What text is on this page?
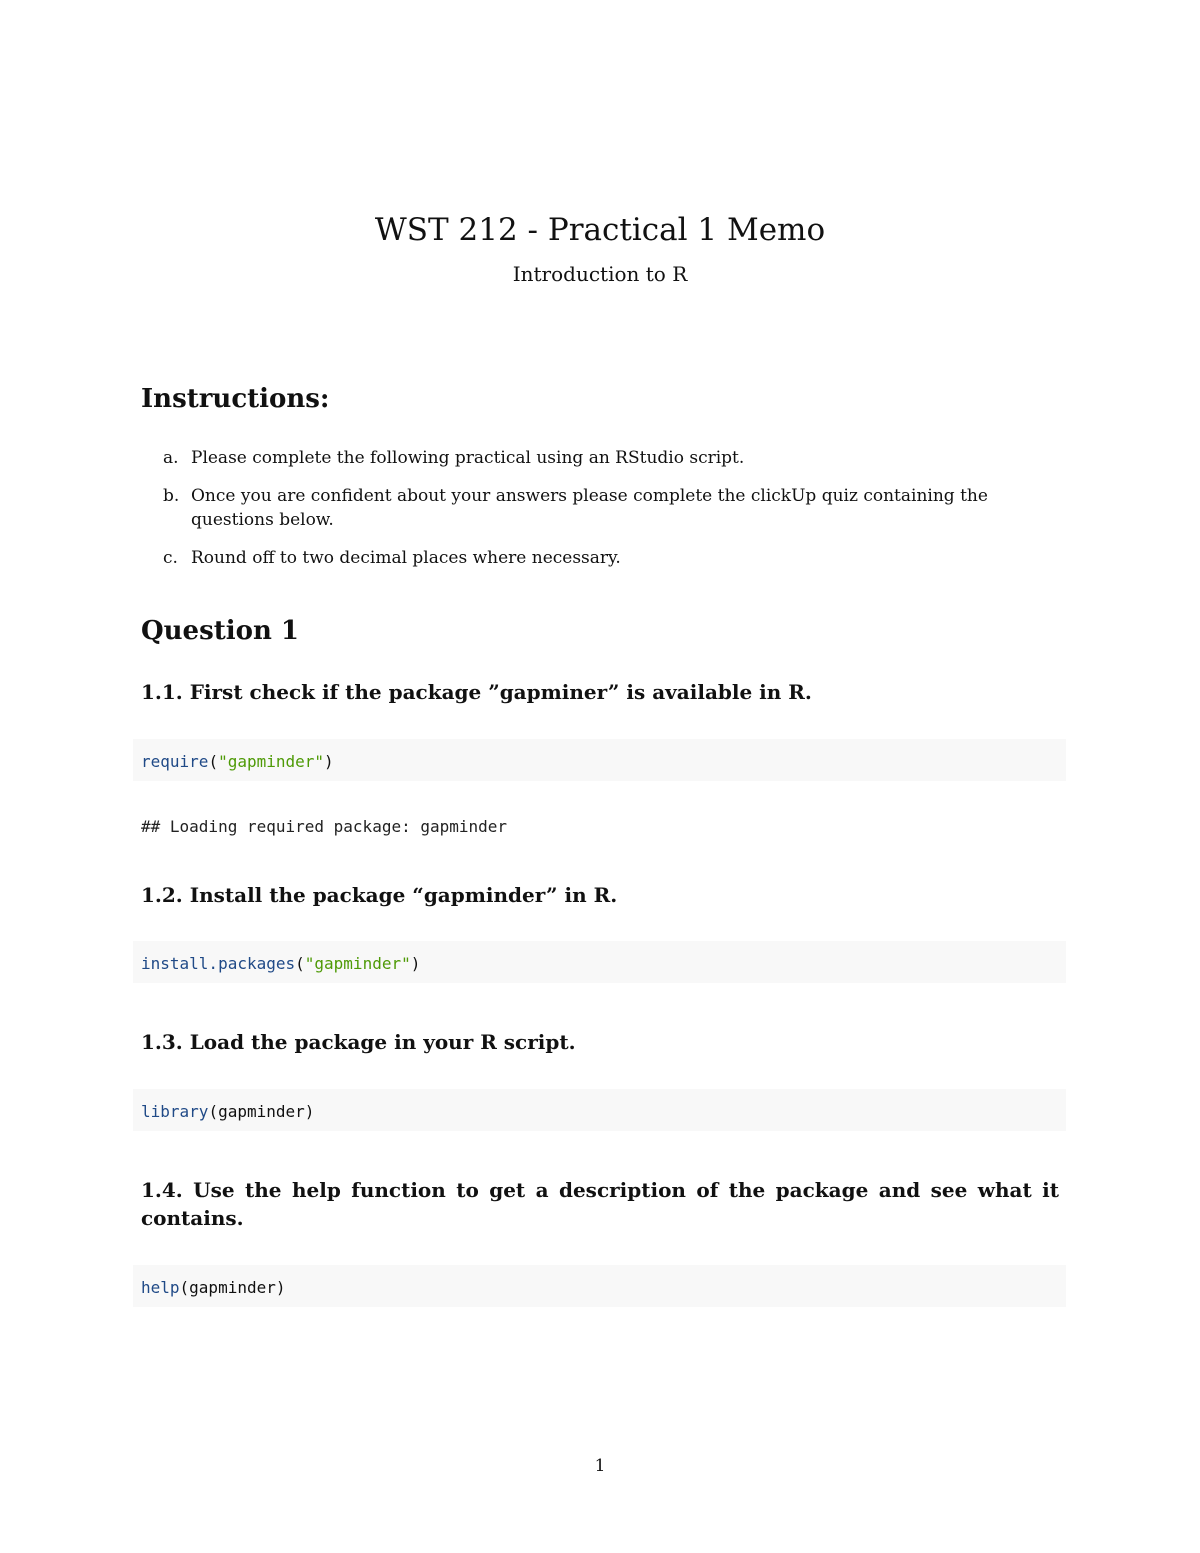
WST 212 - Practical 1 Memo
Introduction to R
Instructions:
a. Please complete the following practical using an RStudio script.
b. Once you are confident about your answers please complete the clickUp quiz containing the questions below.
c. Round off to two decimal places where necessary.
Question 1
1.1. First check if the package ”gapminer” is available in R.
require("gapminder")
## Loading required package: gapminder
1.2. Install the package “gapminder” in R.
install.packages("gapminder")
1.3. Load the package in your R script.
library(gapminder)
1.4. Use the help function to get a description of the package and see what it contains.
help(gapminder)
1
